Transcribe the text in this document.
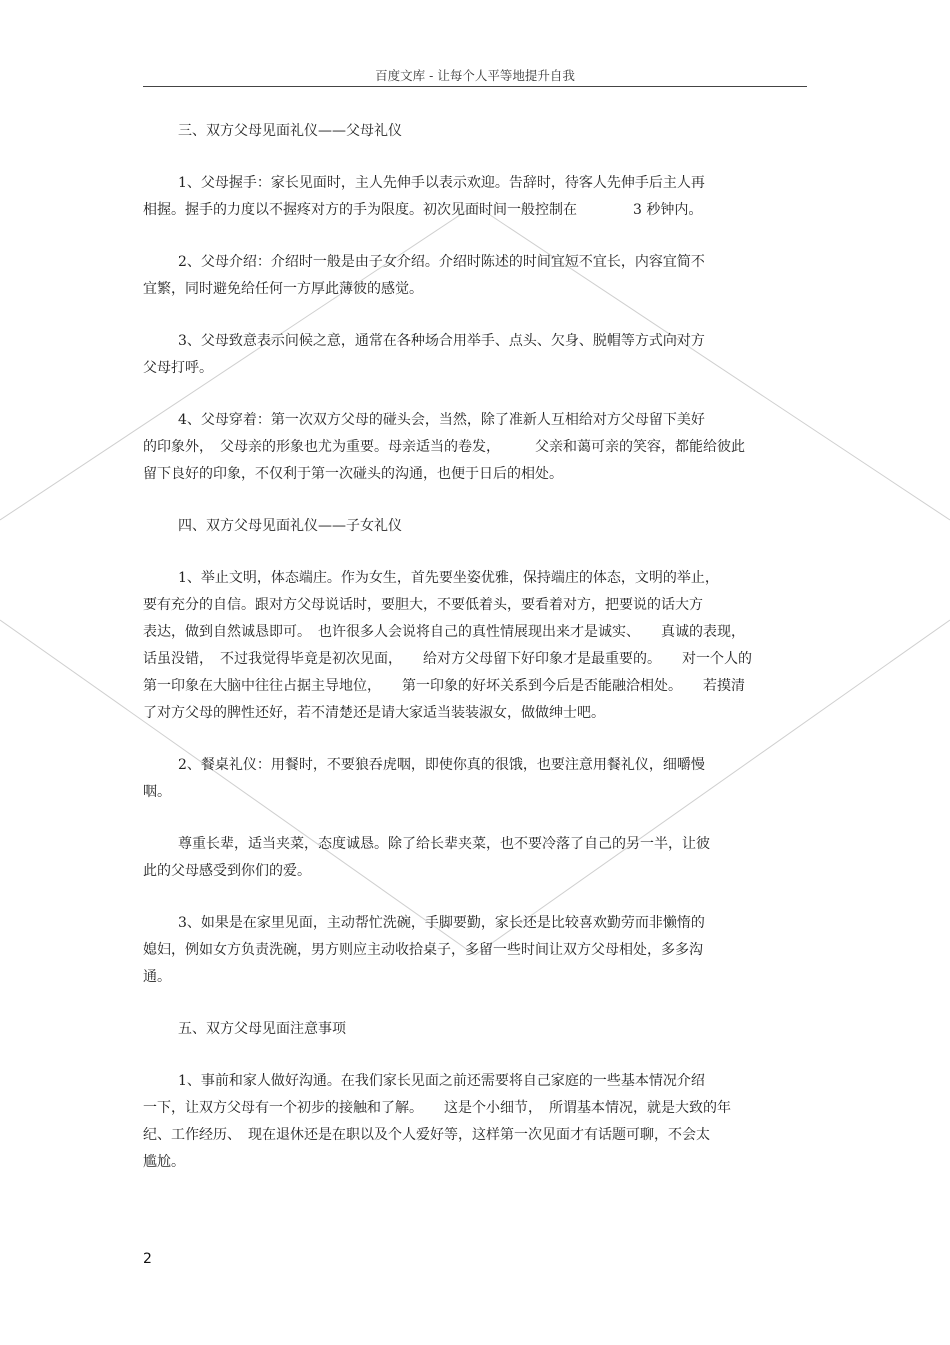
百度文库 - 让每个人平等地提升自我
三、双方父母见面礼仪——父母礼仪
1、父母握手：家长见面时，主人先伸手以表示欢迎。告辞时，待客人先伸手后主人再
相握。握手的力度以不握疼对方的手为限度。初次见面时间一般控制在　　　　3 秒钟内。
2、父母介绍：介绍时一般是由子女介绍。介绍时陈述的时间宜短不宜长，内容宜简不
宜繁，同时避免给任何一方厚此薄彼的感觉。
3、父母致意表示问候之意，通常在各种场合用举手、点头、欠身、脱帽等方式向对方
父母打呼。
4、父母穿着：第一次双方父母的碰头会，当然，除了准新人互相给对方父母留下美好
的印象外，　父母亲的形象也尤为重要。母亲适当的卷发，　　　父亲和蔼可亲的笑容，都能给彼此
留下良好的印象，不仅利于第一次碰头的沟通，也便于日后的相处。
四、双方父母见面礼仪——子女礼仪
1、举止文明，体态端庄。作为女生，首先要坐姿优雅，保持端庄的体态，文明的举止，
要有充分的自信。跟对方父母说话时，要胆大，不要低着头，要看着对方，把要说的话大方
表达，做到自然诚恳即可。　也许很多人会说将自己的真性情展现出来才是诚实、　　真诚的表现，
话虽没错，　不过我觉得毕竟是初次见面，　　给对方父母留下好印象才是最重要的。　　对一个人的
第一印象在大脑中往往占据主导地位，　　第一印象的好坏关系到今后是否能融洽相处。　　若摸清
了对方父母的脾性还好，若不清楚还是请大家适当装装淑女，做做绅士吧。
2、餐桌礼仪：用餐时，不要狼吞虎咽，即使你真的很饿，也要注意用餐礼仪，细嚼慢
咽。
尊重长辈，适当夹菜，态度诚恳。除了给长辈夹菜，也不要冷落了自己的另一半，让彼
此的父母感受到你们的爱。
3、如果是在家里见面，主动帮忙洗碗，手脚要勤，家长还是比较喜欢勤劳而非懒惰的
媳妇，例如女方负责洗碗，男方则应主动收拾桌子，多留一些时间让双方父母相处，多多沟
通。
五、双方父母见面注意事项
1、事前和家人做好沟通。在我们家长见面之前还需要将自己家庭的一些基本情况介绍
一下，让双方父母有一个初步的接触和了解。　　这是个小细节，　所谓基本情况，就是大致的年
纪、工作经历、　现在退休还是在职以及个人爱好等，这样第一次见面才有话题可聊，不会太
尴尬。
2
